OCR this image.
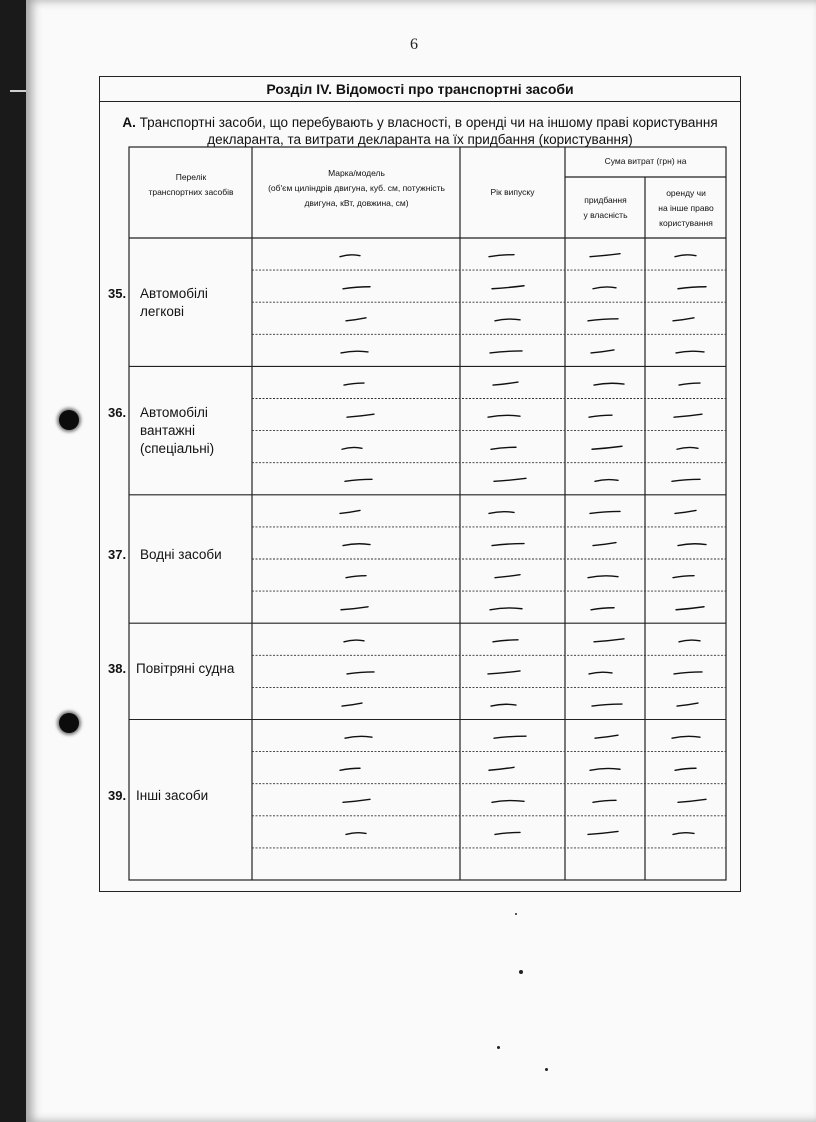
6
Розділ IV. Відомості про транспортні засоби
А. Транспортні засоби, що перебувають у власності, в оренді чи на іншому праві користування декларанта, та витрати декларанта на їх придбання (користування)
Перелік
транспортних засобів
Марка/модель
(об'єм циліндрів двигуна, куб. см, потужність
двигуна, кВт, довжина, см)
Рік випуску
Сума витрат (грн) на
придбання
у власність
оренду чи
на інше право
користування
35. Автомобілі
легкові
36. Автомобілі
вантажні
(спеціальні)
37. Водні засоби
38. Повітряні судна
39. Інші засоби
